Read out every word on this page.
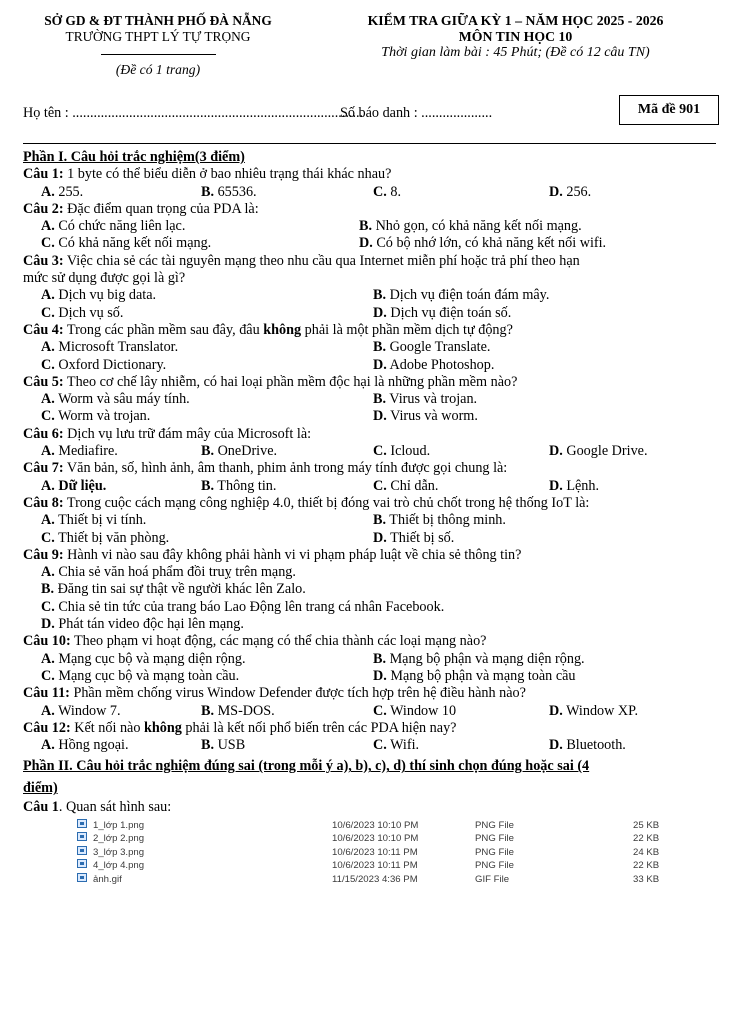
SỞ GD & ĐT THÀNH PHỐ ĐÀ NẴNG
TRƯỜNG THPT LÝ TỰ TRỌNG
(Đề có 1 trang)
KIỂM TRA GIỮA KỲ 1 – NĂM HỌC 2025 - 2026
MÔN TIN HỌC 10
Thời gian làm bài : 45 Phút; (Đề có 12 câu TN)
Họ tên : ..................................................................................
Số báo danh : ....................	Mã đề 901
Phần I. Câu hỏi trắc nghiệm(3 điểm)
Câu 1: 1 byte có thể biểu diễn ở bao nhiêu trạng thái khác nhau?
A. 255.	B. 65536.	C. 8.	D. 256.
Câu 2: Đặc điểm quan trọng của PDA là:
A. Có chức năng liên lạc.	B. Nhỏ gọn, có khả năng kết nối mạng.
C. Có khả năng kết nối mạng.	D. Có bộ nhớ lớn, có khả năng kết nối wifi.
Câu 3: Việc chia sẻ các tài nguyên mạng theo nhu cầu qua Internet miễn phí hoặc trả phí theo hạn
mức sử dụng được gọi là gì?
A. Dịch vụ big data.	B. Dịch vụ điện toán đám mây.
C. Dịch vụ số.	D. Dịch vụ điện toán số.
Câu 4: Trong các phần mềm sau đây, đâu không phải là một phần mềm dịch tự động?
A. Microsoft Translator.	B. Google Translate.
C. Oxford Dictionary.	D. Adobe Photoshop.
Câu 5: Theo cơ chế lây nhiễm, có hai loại phần mềm độc hại là những phần mềm nào?
A. Worm và sâu máy tính.	B. Virus và trojan.
C. Worm và trojan.	D. Virus và worm.
Câu 6: Dịch vụ lưu trữ đám mây của Microsoft là:
A. Mediafire.	B. OneDrive.	C. Icloud.	D. Google Drive.
Câu 7: Văn bản, số, hình ảnh, âm thanh, phim ảnh trong máy tính được gọi chung là:
A. Dữ liệu.	B. Thông tin.	C. Chỉ dẫn.	D. Lệnh.
Câu 8: Trong cuộc cách mạng công nghiệp 4.0, thiết bị đóng vai trò chủ chốt trong hệ thống IoT là:
A. Thiết bị vi tính.	B. Thiết bị thông minh.
C. Thiết bị văn phòng.	D. Thiết bị số.
Câu 9: Hành vi nào sau đây không phải hành vi vi phạm pháp luật về chia sẻ thông tin?
A. Chia sẻ văn hoá phẩm đồi truỵ trên mạng.
B. Đăng tin sai sự thật về người khác lên Zalo.
C. Chia sẻ tin tức của trang báo Lao Động lên trang cá nhân Facebook.
D. Phát tán video độc hại lên mạng.
Câu 10: Theo phạm vi hoạt động, các mạng có thể chia thành các loại mạng nào?
A. Mạng cục bộ và mạng diện rộng.	B. Mạng bộ phận và mạng diện rộng.
C. Mạng cục bộ và mạng toàn cầu.	D. Mạng bộ phận và mạng toàn cầu
Câu 11: Phần mềm chống virus Window Defender được tích hợp trên hệ điều hành nào?
A. Window 7.	B. MS-DOS.	C. Window 10	D. Window XP.
Câu 12: Kết nối nào không phải là kết nối phổ biến trên các PDA hiện nay?
A. Hồng ngoại.	B. USB	C. Wifi.	D. Bluetooth.
Phần II. Câu hỏi trắc nghiệm đúng sai (trong mỗi ý a), b), c), d) thí sinh chọn đúng hoặc sai (4
điểm)
Câu 1. Quan sát hình sau:
1_lớp 1.png	10/6/2023 10:10 PM	PNG File	25 KB
2_lớp 2.png	10/6/2023 10:10 PM	PNG File	22 KB
3_lớp 3.png	10/6/2023 10:11 PM	PNG File	24 KB
4_lớp 4.png	10/6/2023 10:11 PM	PNG File	22 KB
ảnh.gif	11/15/2023 4:36 PM	GIF File	33 KB
